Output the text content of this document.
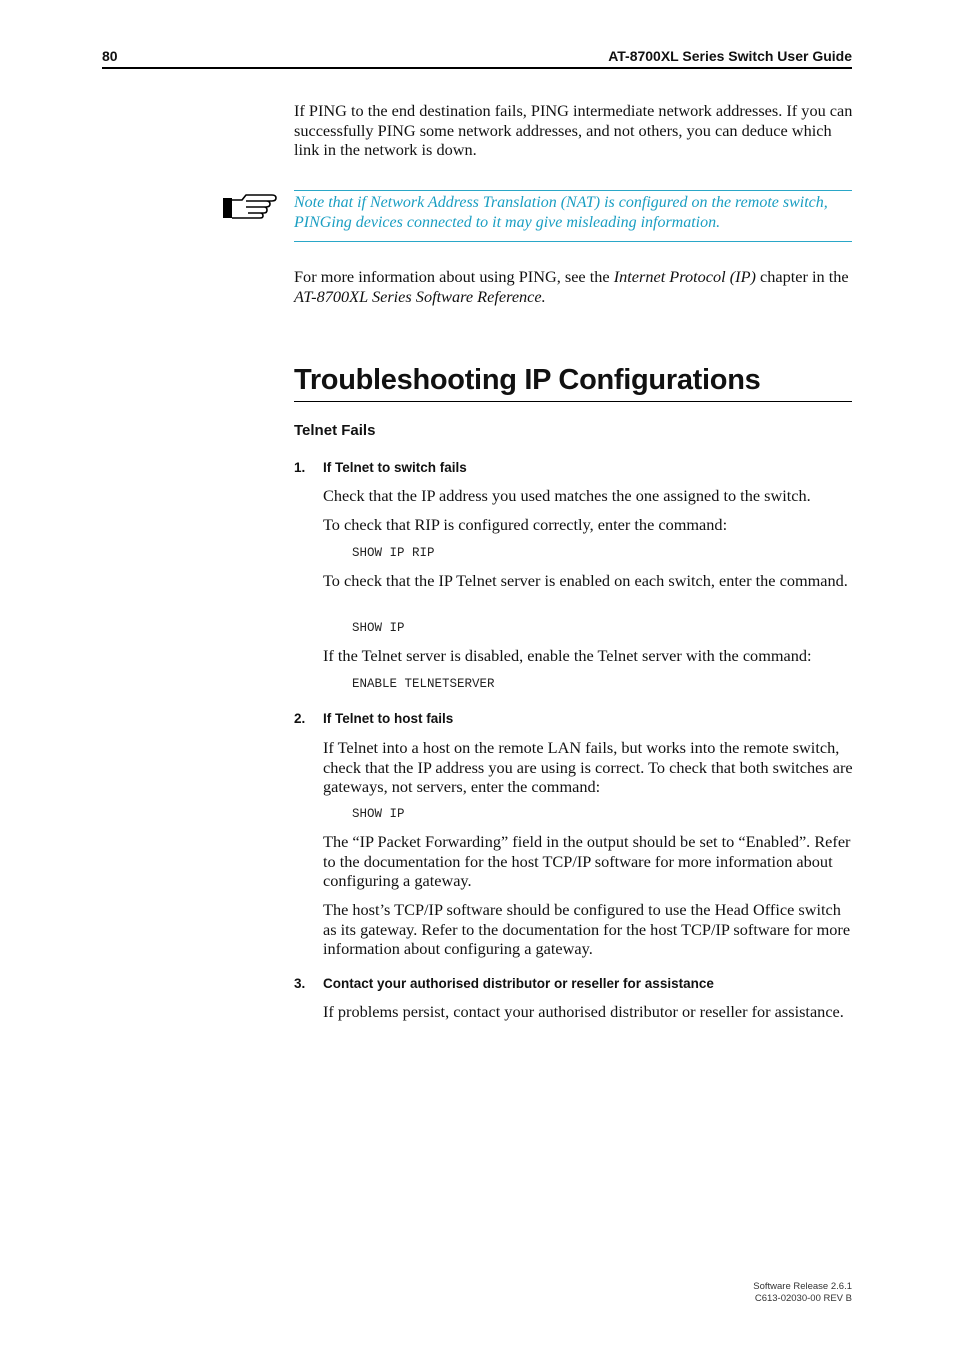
80	AT-8700XL Series Switch User Guide

If PING to the end destination fails, PING intermediate network addresses. If you can successfully PING some network addresses, and not others, you can deduce which link in the network is down.

Note that if Network Address Translation (NAT) is configured on the remote switch, PINGing devices connected to it may give misleading information.

For more information about using PING, see the Internet Protocol (IP) chapter in the AT-8700XL Series Software Reference.

Troubleshooting IP Configurations
Telnet Fails
1. If Telnet to switch fails

Check that the IP address you used matches the one assigned to the switch.

To check that RIP is configured correctly, enter the command:

SHOW IP RIP

To check that the IP Telnet server is enabled on each switch, enter the command.

SHOW IP

If the Telnet server is disabled, enable the Telnet server with the command:

ENABLE TELNETSERVER
2. If Telnet to host fails

If Telnet into a host on the remote LAN fails, but works into the remote switch, check that the IP address you are using is correct. To check that both switches are gateways, not servers, enter the command:

SHOW IP

The “IP Packet Forwarding” field in the output should be set to “Enabled”. Refer to the documentation for the host TCP/IP software for more information about configuring a gateway.

The host’s TCP/IP software should be configured to use the Head Office switch as its gateway. Refer to the documentation for the host TCP/IP software for more information about configuring a gateway.

3. Contact your authorised distributor or reseller for assistance

If problems persist, contact your authorised distributor or reseller for assistance.

Software Release 2.6.1
C613-02030-00 REV B
